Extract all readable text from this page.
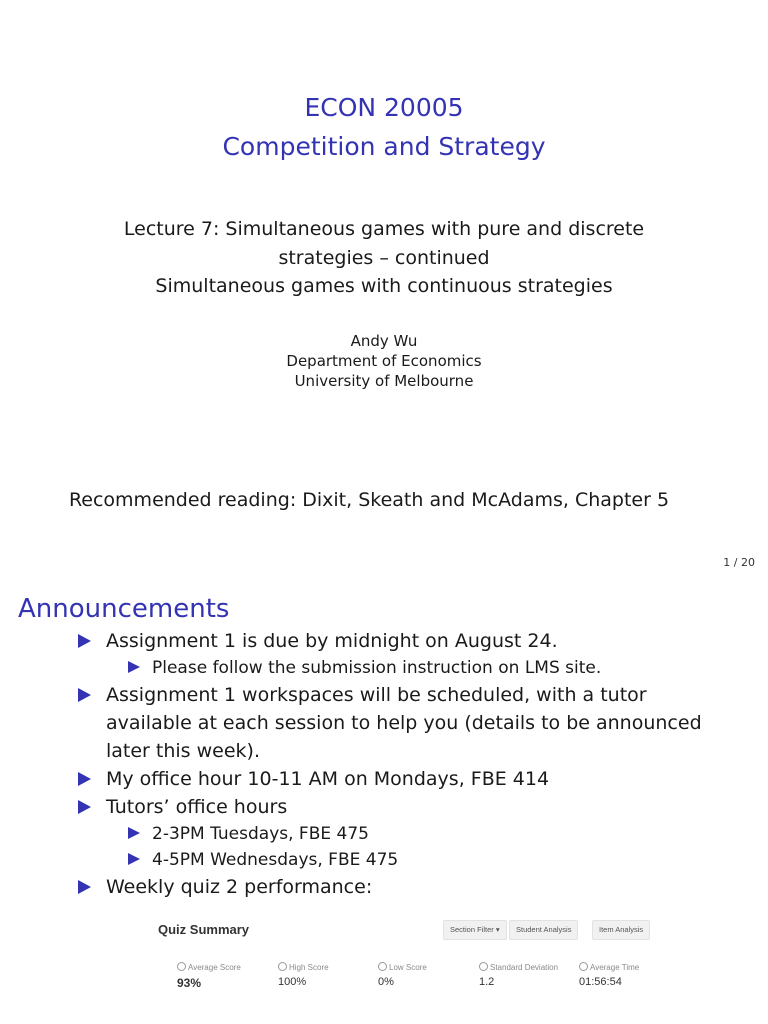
ECON 20005
Competition and Strategy
Lecture 7: Simultaneous games with pure and discrete
strategies – continued
Simultaneous games with continuous strategies
Andy Wu
Department of Economics
University of Melbourne
Recommended reading: Dixit, Skeath and McAdams, Chapter 5
1 / 20
Announcements
Assignment 1 is due by midnight on August 24.
Please follow the submission instruction on LMS site.
Assignment 1 workspaces will be scheduled, with a tutor available at each session to help you (details to be announced later this week).
My office hour 10-11 AM on Mondays, FBE 414
Tutors’ office hours
2-3PM Tuesdays, FBE 475
4-5PM Wednesdays, FBE 475
Weekly quiz 2 performance:
Quiz Summary	Section Filter ▾	Student Analysis	Item Analysis
Average Score
93%
High Score
100%
Low Score
0%
Standard Deviation
1.2
Average Time
01:56:54
